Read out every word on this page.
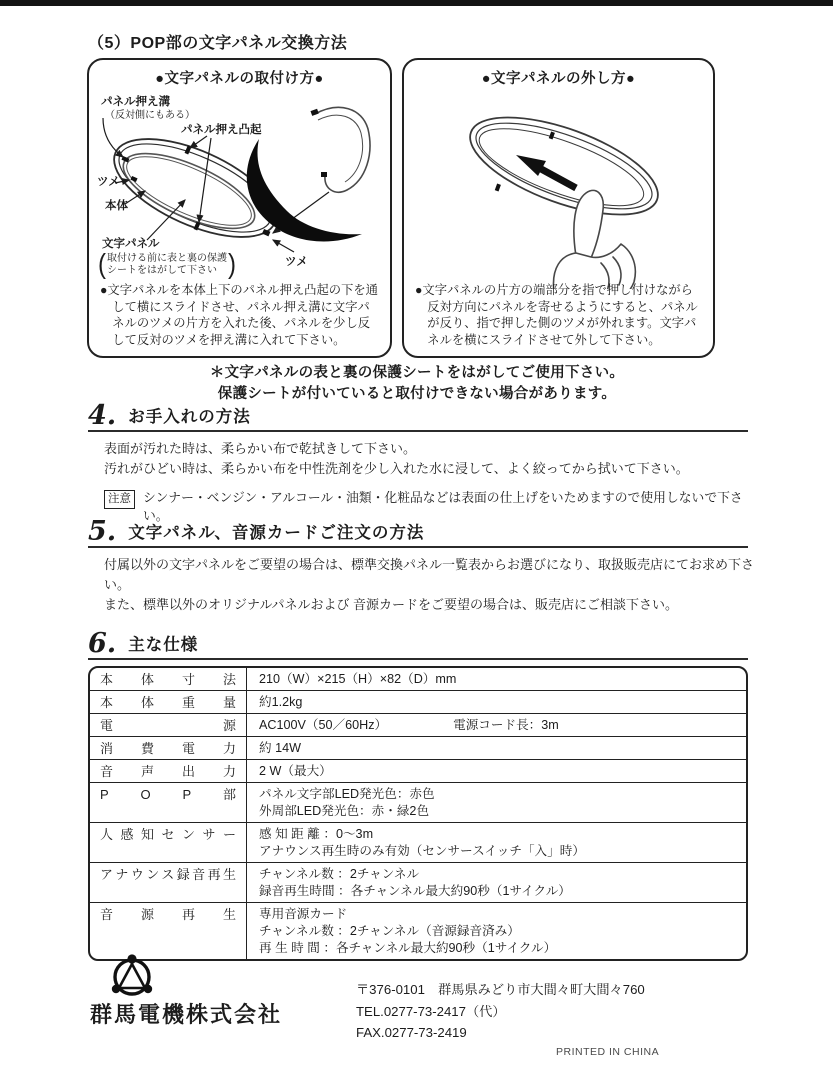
（5）POP部の文字パネル交換方法
●文字パネルの取付け方●
パネル押え溝
（反対側にもある）
パネル押え凸起
ツメ
本体
文字パネル
( 取付ける前に表と裏の保護
シートをはがして下さい )	ツメ
●文字パネルを本体上下のパネル押え凸起の下を通して横にスライドさせ、パネル押え溝に文字パネルのツメの片方を入れた後、パネルを少し反して反対のツメを押え溝に入れて下さい。
●文字パネルの外し方●
●文字パネルの片方の端部分を指で押し付けながら反対方向にパネルを寄せるようにすると、パネルが反り、指で押した側のツメが外れます。文字パネルを横にスライドさせて外して下さい。
＊文字パネルの表と裏の保護シートをはがしてご使用下さい。
保護シートが付いていると取付けできない場合があります。
4. お手入れの方法
表面が汚れた時は、柔らかい布で乾拭きして下さい。
汚れがひどい時は、柔らかい布を中性洗剤を少し入れた水に浸して、よく絞ってから拭いて下さい。
注意 シンナー・ベンジン・アルコール・油類・化粧品などは表面の仕上げをいためますので使用しないで下さい。
5. 文字パネル、音源カードご注文の方法
付属以外の文字パネルをご要望の場合は、標準交換パネル一覧表からお選びになり、取扱販売店にてお求め下さい。
また、標準以外のオリジナルパネルおよび 音源カードをご要望の場合は、販売店にご相談下さい。
6. 主な仕様
本 体 寸 法	210（W）×215（H）×82（D）mm
本 体 重 量	約1.2kg
電 源	AC100V（50／60Hz）	電源コード長：3m
消 費 電 力	約 14W
音 声 出 力	2 W（最大）
P O P 部	パネル文字部LED発光色：赤色
外周部LED発光色：赤・緑2色
人感知センサー	感 知 距 離 ：0～3m
アナウンス再生時のみ有効（センサースイッチ「入」時）
アナウンス録音再生	チャンネル数 ：2チャンネル
録音再生時間 ：各チャンネル最大約90秒（1サイクル）
音 源 再 生	専用音源カード
チャンネル数 ：2チャンネル（音源録音済み）
再 生 時 間 ：各チャンネル最大約90秒（1サイクル）
群馬電機株式会社
〒376-0101　群馬県みどり市大間々町大間々760
TEL.0277-73-2417（代）
FAX.0277-73-2419
PRINTED IN CHINA
